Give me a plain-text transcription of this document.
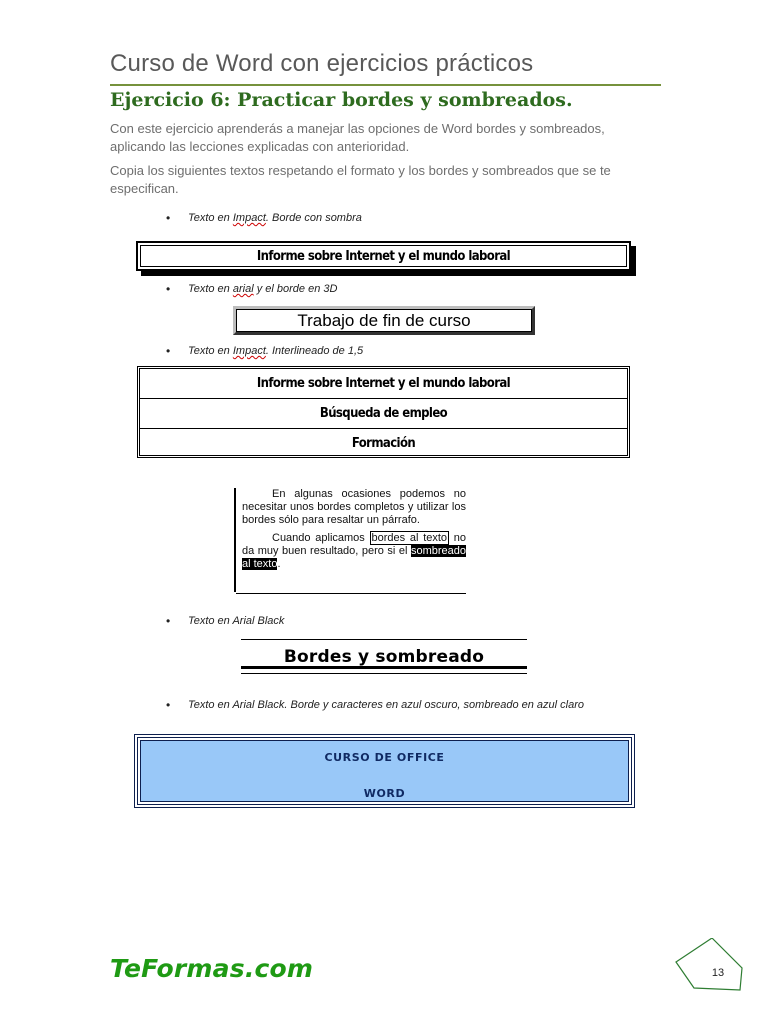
Curso de Word con ejercicios prácticos
Ejercicio 6: Practicar bordes y sombreados.
Con este ejercicio aprenderás a manejar las opciones de Word bordes y sombreados, aplicando las lecciones explicadas con anterioridad.
Copia los siguientes textos respetando el formato y los bordes y sombreados que se te especifican.
• Texto en Impact. Borde con sombra
Informe sobre Internet y el mundo laboral
• Texto en arial y el borde en 3D
Trabajo de fin de curso
• Texto en Impact. Interlineado de 1,5
Informe sobre Internet y el mundo laboral
Búsqueda de empleo
Formación

En algunas ocasiones podemos no necesitar unos bordes completos y utilizar los bordes sólo para resaltar un párrafo.

Cuando aplicamos bordes al texto no da muy buen resultado, pero si el sombreado al texto.

• Texto en Arial Black
Bordes y sombreado
• Texto en Arial Black. Borde y caracteres en azul oscuro, sombreado en azul claro
CURSO DE OFFICE
WORD
TeFormas.com	13
